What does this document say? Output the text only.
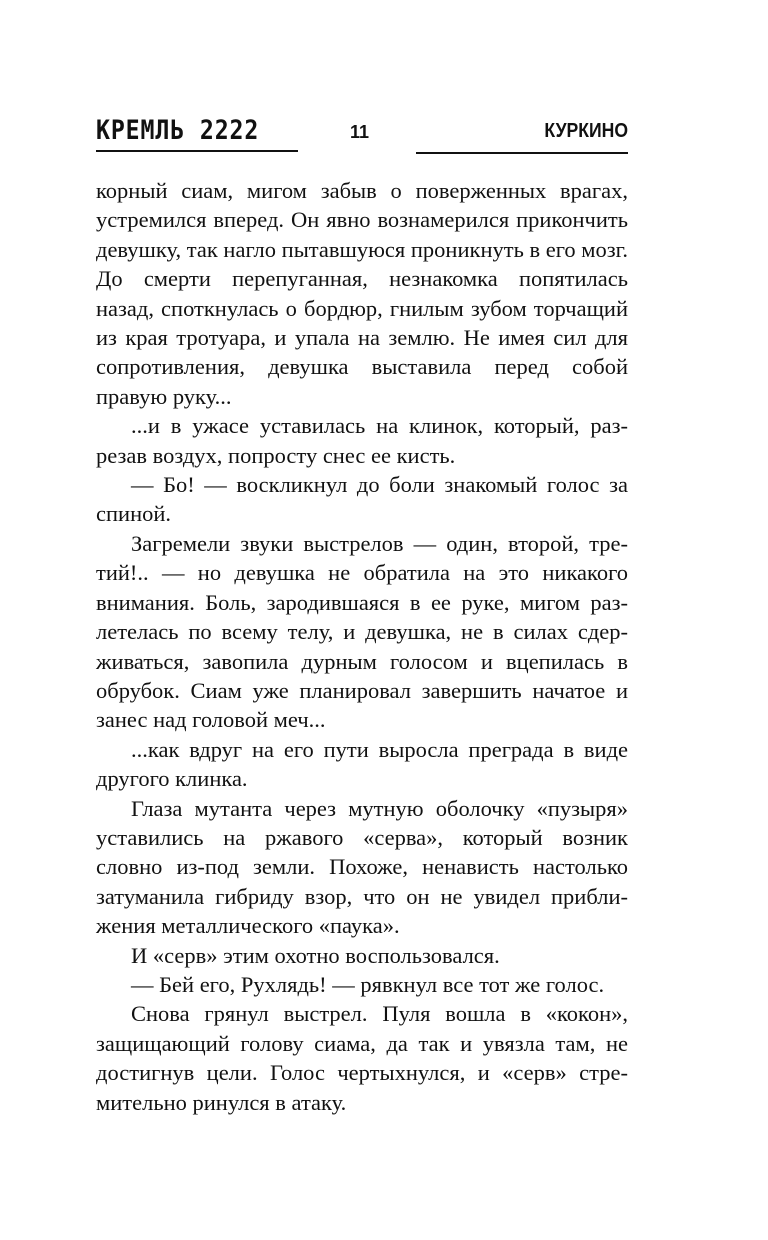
КРЕМЛЬ 2222	11	КУРКИНО

корный сиам, мигом забыв о поверженных врагах, устремился вперед. Он явно вознамерился прикончить девушку, так нагло пытавшуюся проникнуть в его мозг. До смерти перепуганная, незнакомка попятилась назад, споткнулась о бордюр, гнилым зубом торчащий из края тротуара, и упала на землю. Не имея сил для сопротивления, девушка выставила перед собой правую руку...

...и в ужасе уставилась на клинок, который, разрезав воздух, попросту снес ее кисть.

— Бо! — воскликнул до боли знакомый голос за спиной.

Загремели звуки выстрелов — один, второй, третий!.. — но девушка не обратила на это никакого внимания. Боль, зародившаяся в ее руке, мигом разлетелась по всему телу, и девушка, не в силах сдерживаться, завопила дурным голосом и вцепилась в обрубок. Сиам уже планировал завершить начатое и занес над головой меч...

...как вдруг на его пути выросла преграда в виде другого клинка.

Глаза мутанта через мутную оболочку «пузыря» уставились на ржавого «серва», который возник словно из-под земли. Похоже, ненависть настолько затуманила гибриду взор, что он не увидел приближения металлического «паука».

И «серв» этим охотно воспользовался.

— Бей его, Рухлядь! — рявкнул все тот же голос.

Снова грянул выстрел. Пуля вошла в «кокон», защищающий голову сиама, да так и увязла там, не достигнув цели. Голос чертыхнулся, и «серв» стремительно ринулся в атаку.
